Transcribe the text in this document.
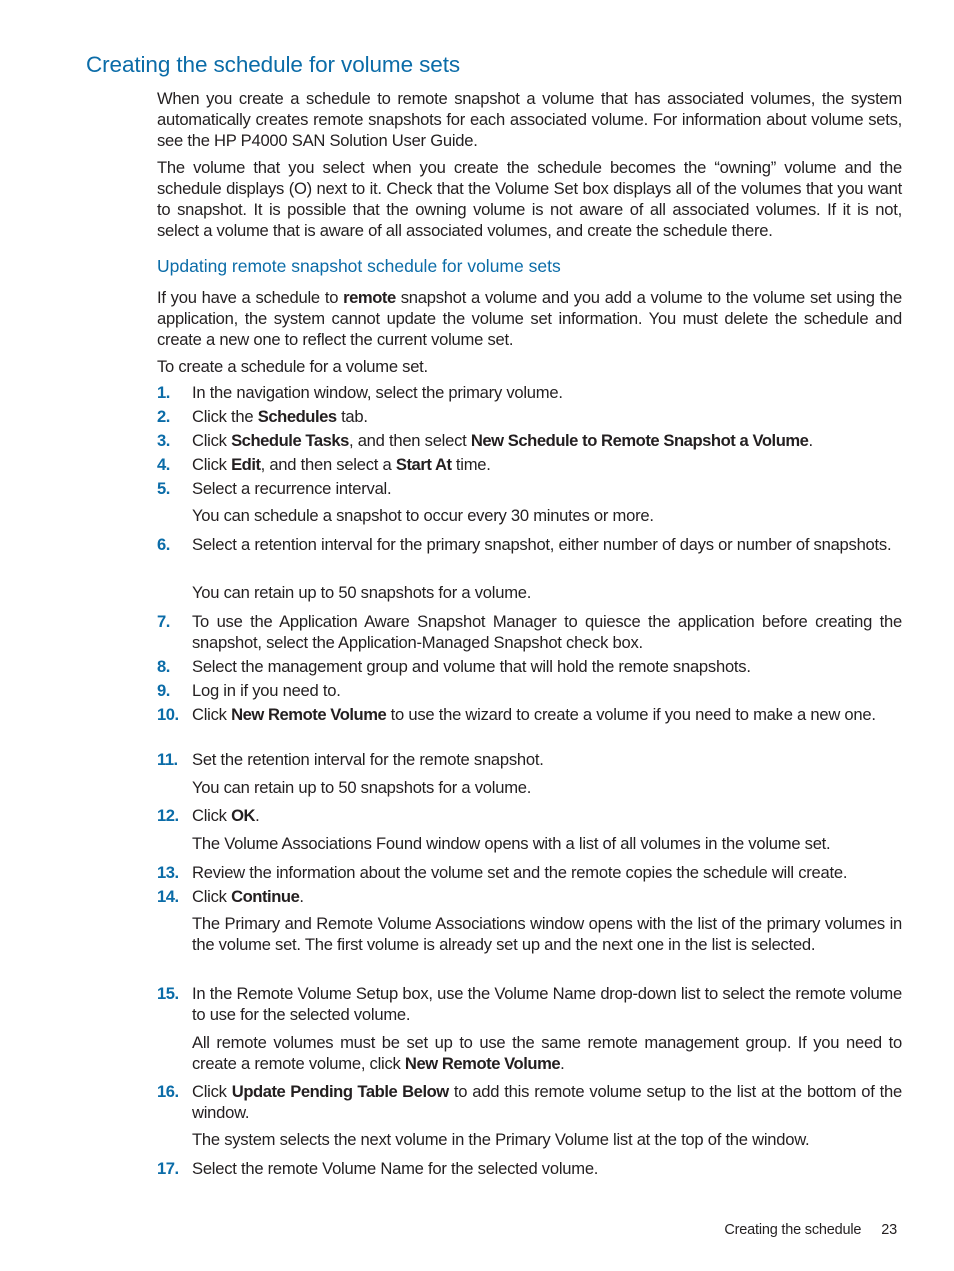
Creating the schedule for volume sets

When you create a schedule to remote snapshot a volume that has associated volumes, the system automatically creates remote snapshots for each associated volume. For information about volume sets, see the HP P4000 SAN Solution User Guide.

The volume that you select when you create the schedule becomes the “owning” volume and the schedule displays (O) next to it. Check that the Volume Set box displays all of the volumes that you want to snapshot. It is possible that the owning volume is not aware of all associated volumes. If it is not, select a volume that is aware of all associated volumes, and create the schedule there.

Updating remote snapshot schedule for volume sets

If you have a schedule to remote snapshot a volume and you add a volume to the volume set using the application, the system cannot update the volume set information. You must delete the schedule and create a new one to reflect the current volume set.

To create a schedule for a volume set.

1.	In the navigation window, select the primary volume.
2.	Click the Schedules tab.
3.	Click Schedule Tasks, and then select New Schedule to Remote Snapshot a Volume.
4.	Click Edit, and then select a Start At time.
5.	Select a recurrence interval.

You can schedule a snapshot to occur every 30 minutes or more.

6.	Select a retention interval for the primary snapshot, either number of days or number of snapshots.

You can retain up to 50 snapshots for a volume.

7.	To use the Application Aware Snapshot Manager to quiesce the application before creating the snapshot, select the Application-Managed Snapshot check box.
8.	Select the management group and volume that will hold the remote snapshots.
9.	Log in if you need to.
10. Click New Remote Volume to use the wizard to create a volume if you need to make a new one.
11. Set the retention interval for the remote snapshot.

You can retain up to 50 snapshots for a volume.

12. Click OK.

The Volume Associations Found window opens with a list of all volumes in the volume set.

13. Review the information about the volume set and the remote copies the schedule will create.
14. Click Continue.

The Primary and Remote Volume Associations window opens with the list of the primary volumes in the volume set. The first volume is already set up and the next one in the list is selected.

15. In the Remote Volume Setup box, use the Volume Name drop-down list to select the remote volume to use for the selected volume.

All remote volumes must be set up to use the same remote management group. If you need to create a remote volume, click New Remote Volume.

16. Click Update Pending Table Below to add this remote volume setup to the list at the bottom of the window.

The system selects the next volume in the Primary Volume list at the top of the window.

17. Select the remote Volume Name for the selected volume.
Creating the schedule 23
